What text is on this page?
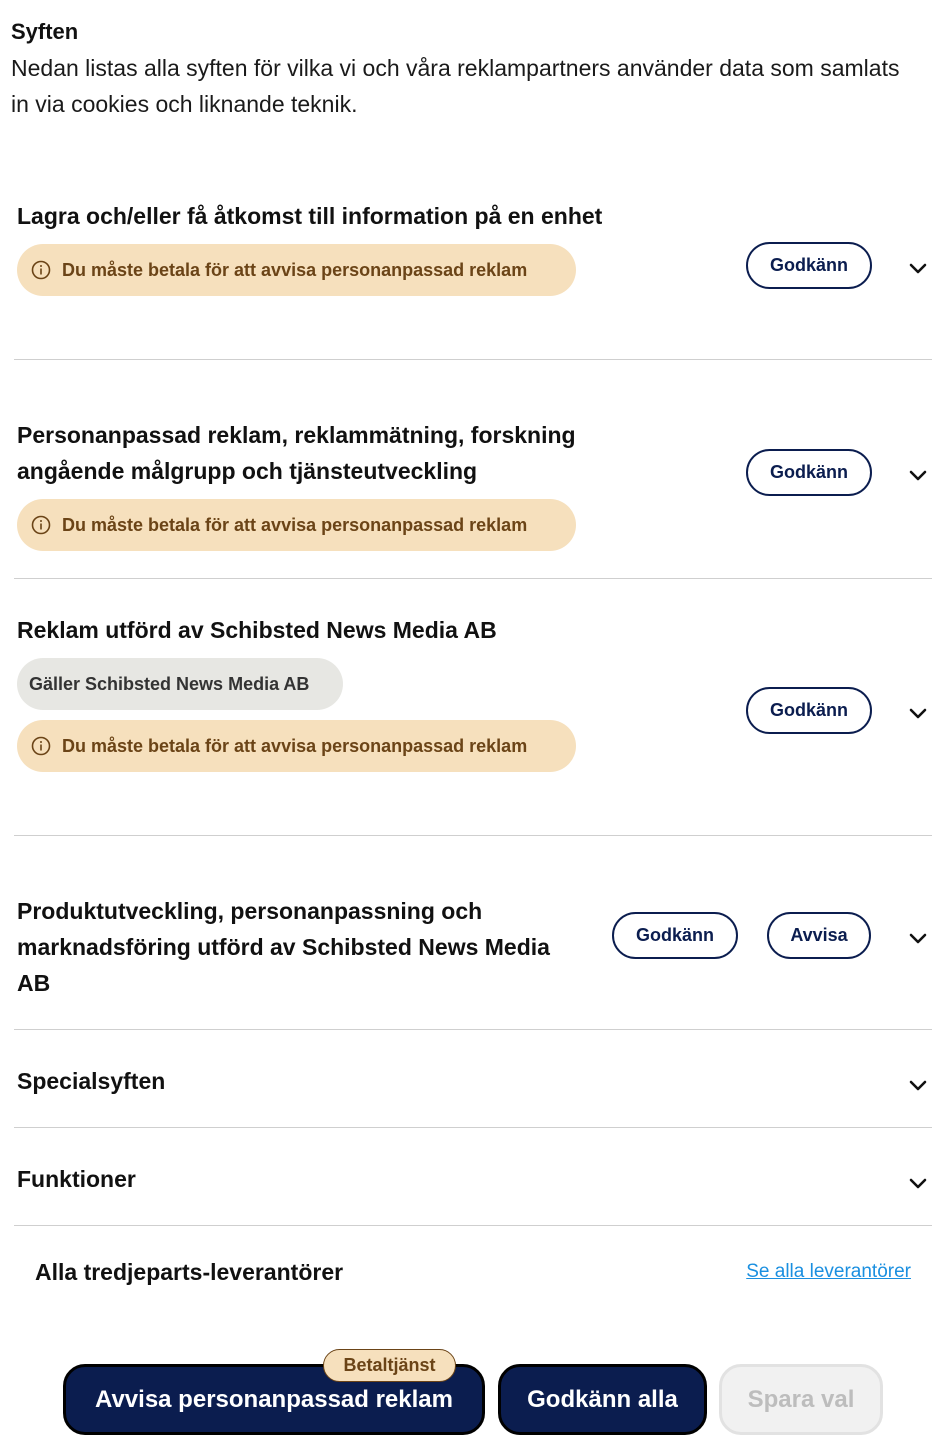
Syften

Nedan listas alla syften för vilka vi och våra reklampartners använder data som samlats in via cookies och liknande teknik.

Lagra och/eller få åtkomst till information på en enhet

Du måste betala för att avvisa personanpassad reklam	Godkänn

Personanpassad reklam, reklammätning, forskning

angående målgrupp och tjänsteutveckling

Du måste betala för att avvisa personanpassad reklam
Godkänn

Reklam utförd av Schibsted News Media AB

Gäller Schibsted News Media AB
Du måste betala för att avvisa personanpassad reklam
Godkänn

Produktutveckling, personanpassning och

marknadsföring utförd av Schibsted News Media

AB

Godkänn	Avvisa

Specialsyften

Funktioner

Alla tredjeparts-leverantörer	Se alla leverantörer
Betaltjänst
Avvisa personanpassad reklam	Godkänn alla	Spara val
